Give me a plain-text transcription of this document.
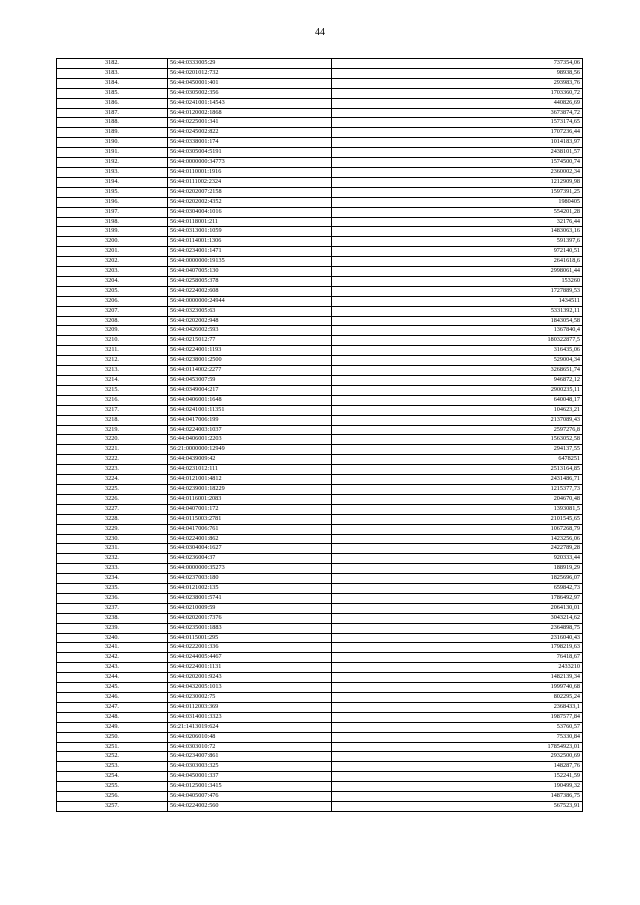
44
3182.	56:44:0333005:29	737354,06
3183.	56:44:0201012:732	98938,56
3184.	56:44:0450001:401	293983,76
3185.	56:44:0305002:356	1703360,72
3186.	56:44:0241001:14543	440826,69
3187.	56:44:0120002:1868	3673874,72
3188.	56:44:0225001:341	1573174,65
3189.	56:44:0245002:822	1707236,44
3190.	56:44:0338001:174	1014183,97
3191.	56:44:0305004:5191	2438101,57
3192.	56:44:0000000:34773	1574500,74
3193.	56:44:0110001:1916	2360002,34
3194.	56:44:0111002:2324	1212909,98
3195.	56:44:0202007:2158	1597391,25
3196.	56:44:0202002:4352	1980405
3197.	56:44:0304004:1016	554201,28
3198.	56:44:0118001:211	32176,44
3199.	56:44:0313001:1059	1483063,16
3200.	56:44:0114001:1306	591397,6
3201.	56:44:0234001:1471	972140,51
3202.	56:44:0000000:19135	2641618,6
3203.	56:44:0407005:130	2998061,44
3204.	56:44:0258005:378	153260
3205.	56:44:0224002:608	1727889,53
3206.	56:44:0000000:24944	1434511
3207.	56:44:0323005:63	5331392,11
3208.	56:44:0202002:948	1843054,58
3209.	56:44:0426002:593	1367840,4
3210.	56:44:0215012:77	180322877,5
3211.	56:44:0224001:1193	316435,06
3212.	56:44:0238001:2500	529004,34
3213.	56:44:0114002:2277	3268651,74
3214.	56:44:0453007:59	946872,12
3215.	56:44:0349004:217	2900235,11
3216.	56:44:0406001:1648	640048,17
3217.	56:44:0241001:11351	104623,21
3218.	56:44:0417006:199	2137089,43
3219.	56:44:0224003:1037	2597276,8
3220.	56:44:0406001:2203	1563052,58
3221.	56:21:0000000:12949	294137,55
3222.	56:44:0439009:42	6478251
3223.	56:44:0231012:111	2513164,85
3224.	56:44:0121001:4812	2431486,71
3225.	56:44:0239001:18229	1215377,73
3226.	56:44:0116001:2083	204670,48
3227.	56:44:0407001:172	1393081,5
3228.	56:44:0115003:2781	2101545,65
3229.	56:44:0417006:761	1067268,79
3230.	56:44:0224001:862	1423256,06
3231.	56:44:0304004:1627	2422789,28
3232.	56:44:0236004:37	920333,44
3233.	56:44:0000000:35273	188919,29
3234.	56:44:0237003:180	1825696,07
3235.	56:44:0121002:135	659842,73
3236.	56:44:0238001:5741	1786492,97
3237.	56:44:0210009:59	2064130,01
3238.	56:44:0202001:7376	3043214,62
3239.	56:44:0235001:1883	2364898,75
3240.	56:44:0115001:295	2316040,43
3241.	56:44:0222001:336	1798219,63
3242.	56:44:0244005:4467	76418,67
3243.	56:44:0224001:1131	2433210
3244.	56:44:0202001:9243	1482139,34
3245.	56:44:0432005:1013	1999740,68
3246.	56:44:0230002:75	802295,24
3247.	56:44:0112003:369	2368433,1
3248.	56:44:0314001:3323	1987577,84
3249.	56:21:1413019:624	53760,57
3250.	56:44:0206010:48	75330,84
3251.	56:44:0303010:72	17854923,01
3252.	56:44:0234007:861	2932500,69
3253.	56:44:0303003:325	148287,76
3254.	56:44:0450001:337	152241,59
3255.	56:44:0125001:3415	190499,32
3256.	56:44:0405007:476	1487386,75
3257.	56:44:0224002:560	567523,91
